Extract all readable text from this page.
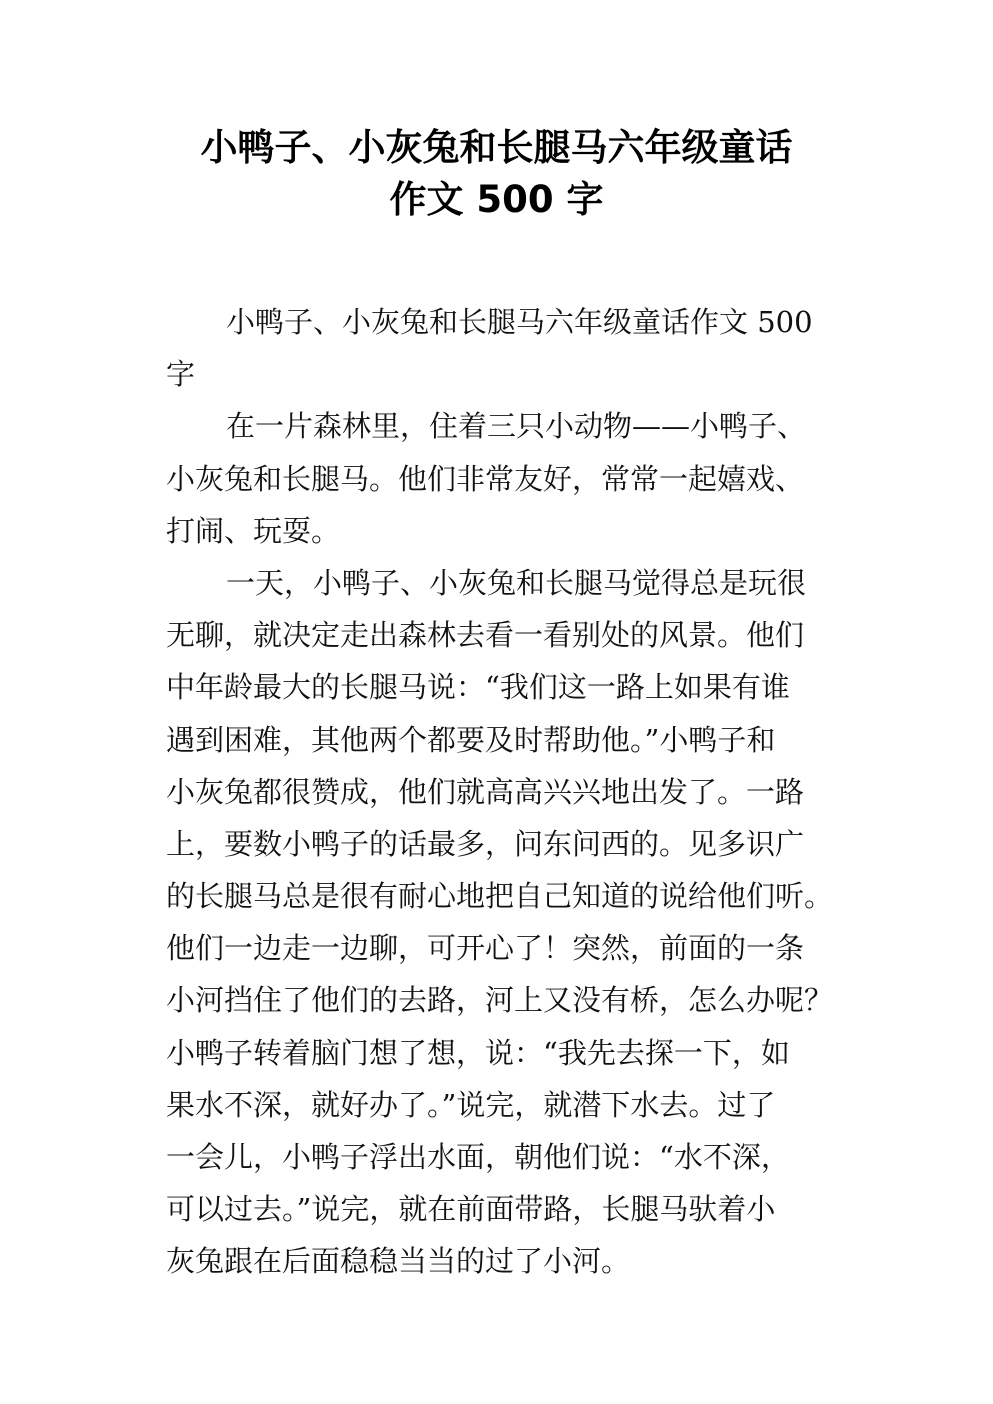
小鸭子、小灰兔和长腿马六年级童话
作文 500 字
小鸭子、小灰兔和长腿马六年级童话作文 500
字
在一片森林里，住着三只小动物——小鸭子、
小灰兔和长腿马。他们非常友好，常常一起嬉戏、
打闹、玩耍。
一天，小鸭子、小灰兔和长腿马觉得总是玩很
无聊，就决定走出森林去看一看别处的风景。他们
中年龄最大的长腿马说：“我们这一路上如果有谁
遇到困难，其他两个都要及时帮助他。”小鸭子和
小灰兔都很赞成，他们就高高兴兴地出发了。一路
上，要数小鸭子的话最多，问东问西的。见多识广
的长腿马总是很有耐心地把自己知道的说给他们听。
他们一边走一边聊，可开心了！突然，前面的一条
小河挡住了他们的去路，河上又没有桥，怎么办呢？
小鸭子转着脑门想了想，说：“我先去探一下，如
果水不深，就好办了。”说完，就潜下水去。过了
一会儿，小鸭子浮出水面，朝他们说：“水不深，
可以过去。”说完，就在前面带路，长腿马驮着小
灰兔跟在后面稳稳当当的过了小河。
